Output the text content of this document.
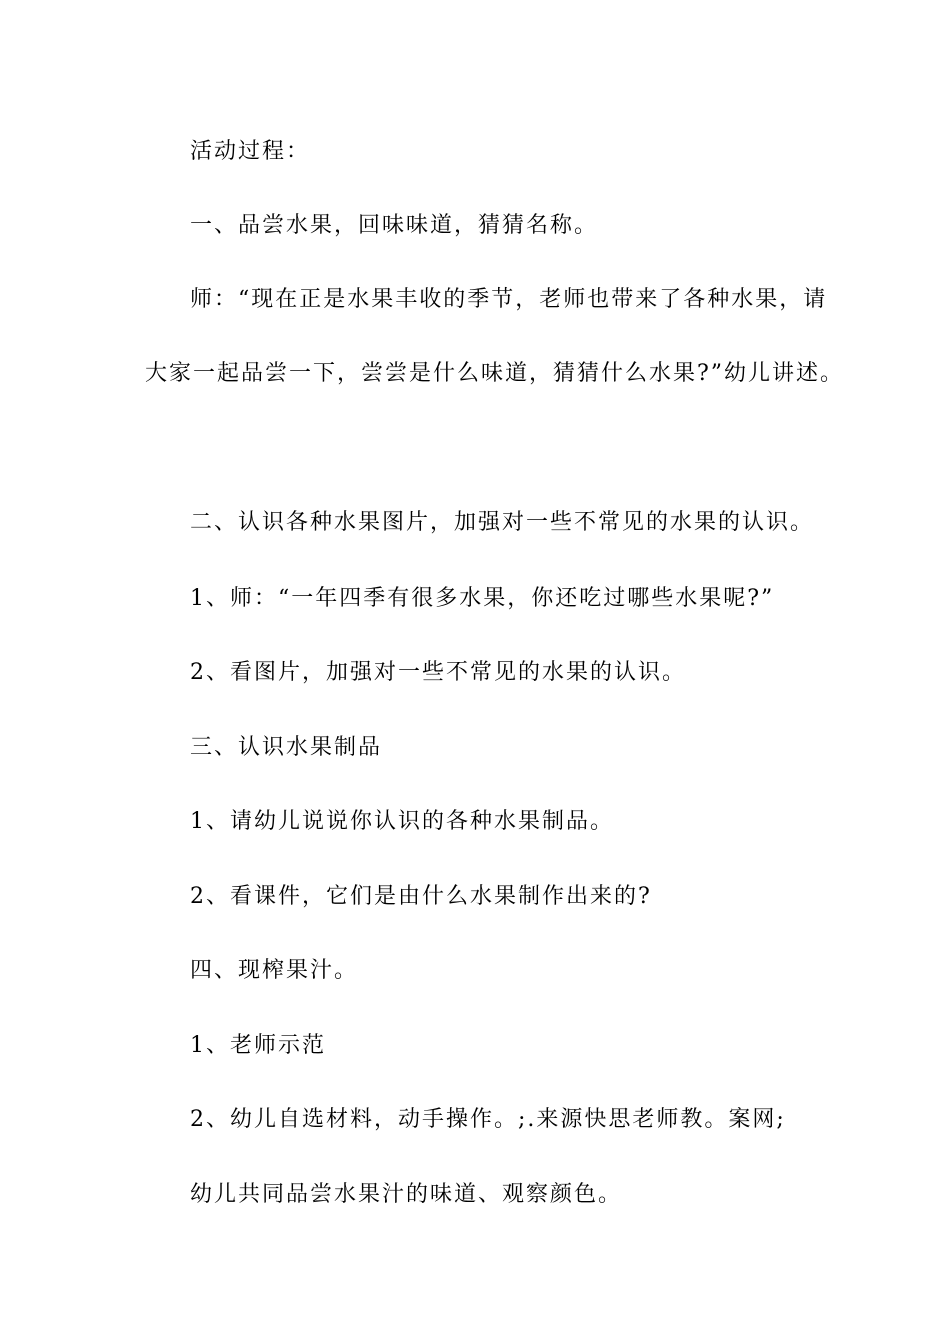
活动过程：

一、品尝水果，回味味道，猜猜名称。

师：“现在正是水果丰收的季节，老师也带来了各种水果，请

大家一起品尝一下，尝尝是什么味道，猜猜什么水果?”幼儿讲述。

二、认识各种水果图片，加强对一些不常见的水果的认识。

1、师：“一年四季有很多水果，你还吃过哪些水果呢?”

2、看图片，加强对一些不常见的水果的认识。

三、认识水果制品

1、请幼儿说说你认识的各种水果制品。

2、看课件，它们是由什么水果制作出来的?

四、现榨果汁。

1、老师示范

2、幼儿自选材料，动手操作。;.来源快思老师教。案网;

幼儿共同品尝水果汁的味道、观察颜色。
